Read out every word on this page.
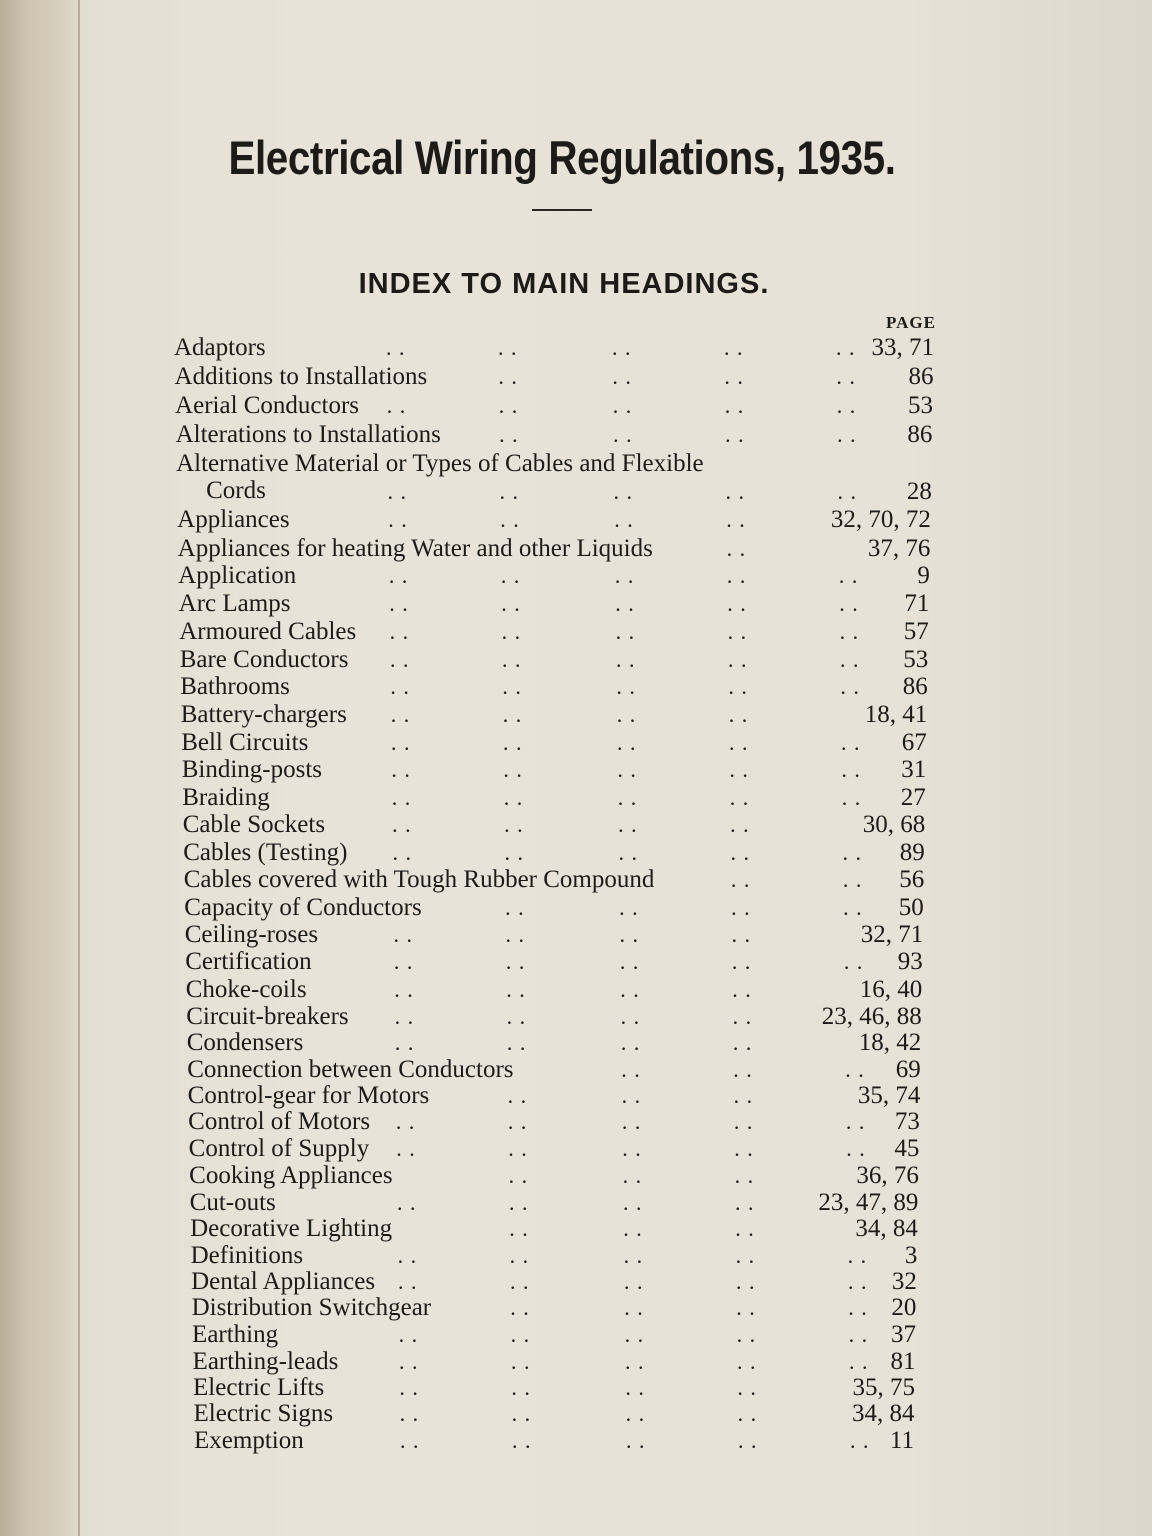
Electrical Wiring Regulations, 1935.
INDEX TO MAIN HEADINGS.
PAGE
Adaptors	. .	. .	. .	. .	. . 33, 71
Additions to Installations	. .	. .	. .	. .	86
Aerial Conductors . .	. .	. .	. .	. .	53
Alterations to Installations	. .	. .	. .	. .	86
Alternative Material or Types of Cables and Flexible
Cords	. .	. .	. .	. .	. .	28
Appliances	. .	. .	. .	. .	32, 70, 72
Appliances for heating Water and other Liquids	. .	37, 76
Application	. .	. .	. .	. .	. .	9
Arc Lamps	. .	. .	. .	. .	. .	71
Armoured Cables . .	. .	. .	. .	. .	57
Bare Conductors . .	. .	. .	. .	. .	53
Bathrooms	. .	. .	. .	. .	. .	86
Battery-chargers . .	. .	. .	. .	18, 41
Bell Circuits	. .	. .	. .	. .	. .	67
Binding-posts	. .	. .	. .	. .	. .	31
Braiding	. .	. .	. .	. .	. .	27
Cable Sockets	. .	. .	. .	. .	30, 68
Cables (Testing) . .	. .	. .	. .	. .	89
Cables covered with Tough Rubber Compound	. .	. .	56
Capacity of Conductors	. .	. .	. .	. .	50
Ceiling-roses	. .	. .	. .	. .	32, 71
Certification	. .	. .	. .	. .	. .	93
Choke-coils	. .	. .	. .	. .	16, 40
Circuit-breakers . .	. .	. .	. .	23, 46, 88
Condensers	. .	. .	. .	. .	18, 42
Connection between Conductors	. .	. .	. .	69
Control-gear for Motors	. .	. .	. .	35, 74
Control of Motors . .	. .	. .	. .	. .	73
Control of Supply . .	. .	. .	. .	. .	45
Cooking Appliances	. .	. .	. .	36, 76
Cut-outs	. .	. .	. .	. .	23, 47, 89
Decorative Lighting	. .	. .	. .	34, 84
Definitions	. .	. .	. .	. .	. .	3
Dental Appliances . .	. .	. .	. .	. . 32
Distribution Switchgear	. .	. .	. .	. . 20
Earthing	. .	. .	. .	. .	. . 37
Earthing-leads	. .	. .	. .	. .	. . 81
Electric Lifts	. .	. .	. .	. .	35, 75
Electric Signs	. .	. .	. .	. .	34, 84
Exemption	. .	. .	. .	. .	. . 11
